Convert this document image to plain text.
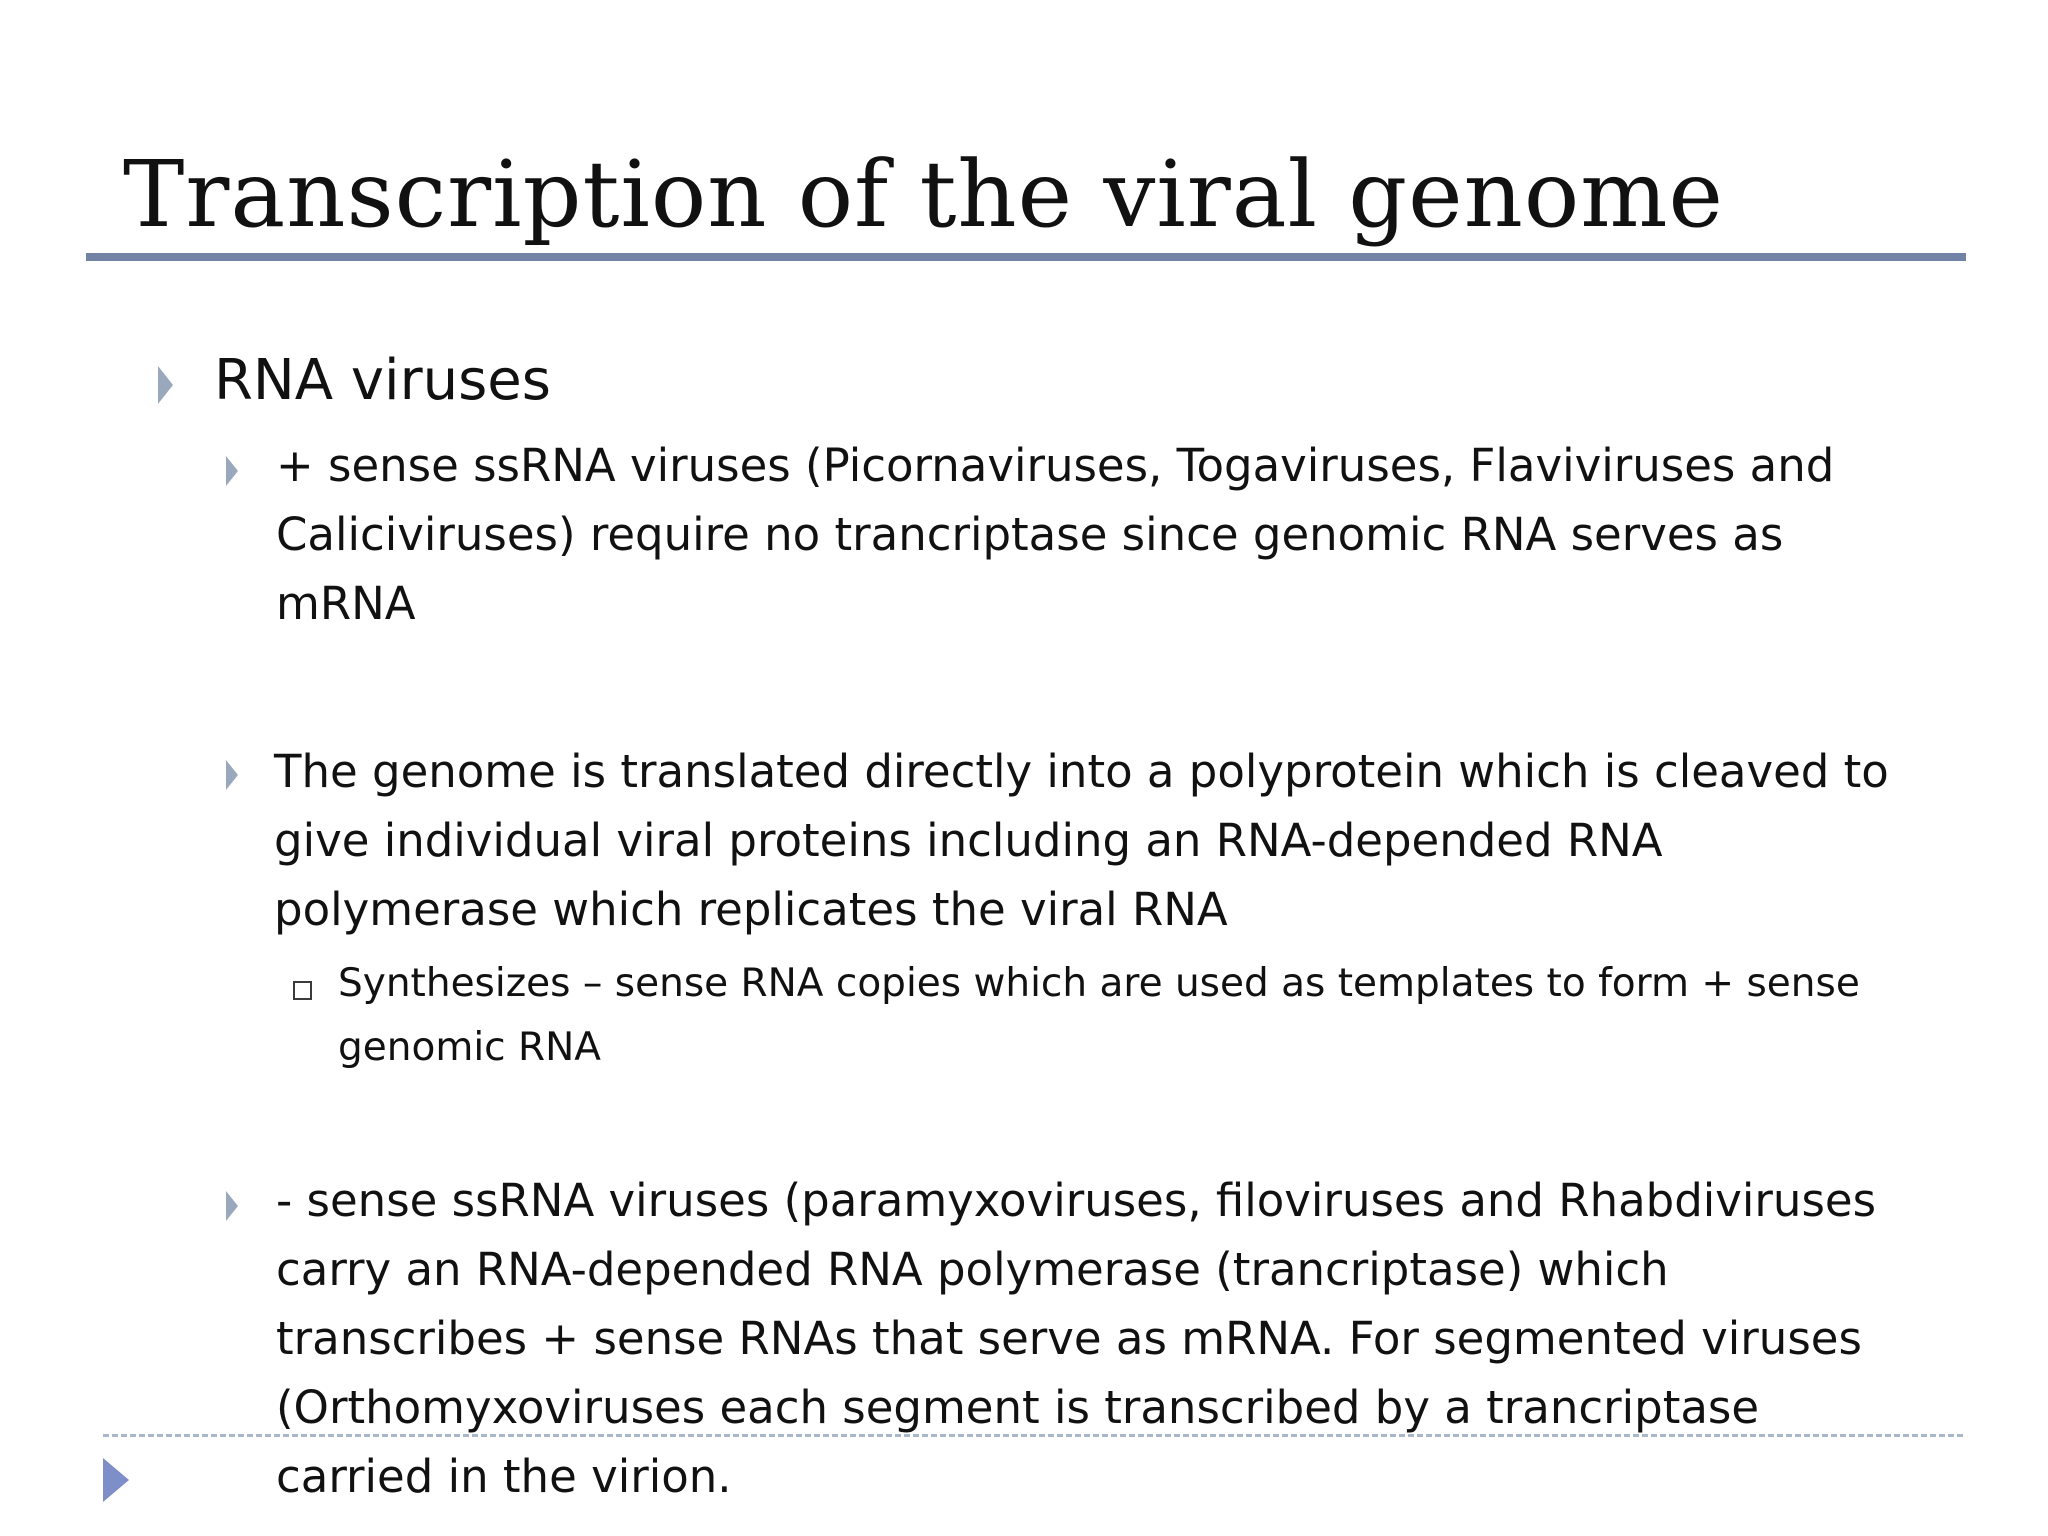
Transcription of the viral genome
RNA viruses
+ sense ssRNA viruses (Picornaviruses, Togaviruses, Flaviviruses and
Caliciviruses) require no trancriptase since genomic RNA serves as
mRNA
The genome is translated directly into a polyprotein which is cleaved to
give individual viral proteins including an RNA-depended RNA
polymerase which replicates the viral RNA
Synthesizes – sense RNA copies which are used as templates to form + sense
genomic RNA
- sense ssRNA viruses (paramyxoviruses, filoviruses and Rhabdiviruses
carry an RNA-depended RNA polymerase (trancriptase) which
transcribes + sense RNAs that serve as mRNA. For segmented viruses
(Orthomyxoviruses each segment is transcribed by a trancriptase
carried in the virion.
